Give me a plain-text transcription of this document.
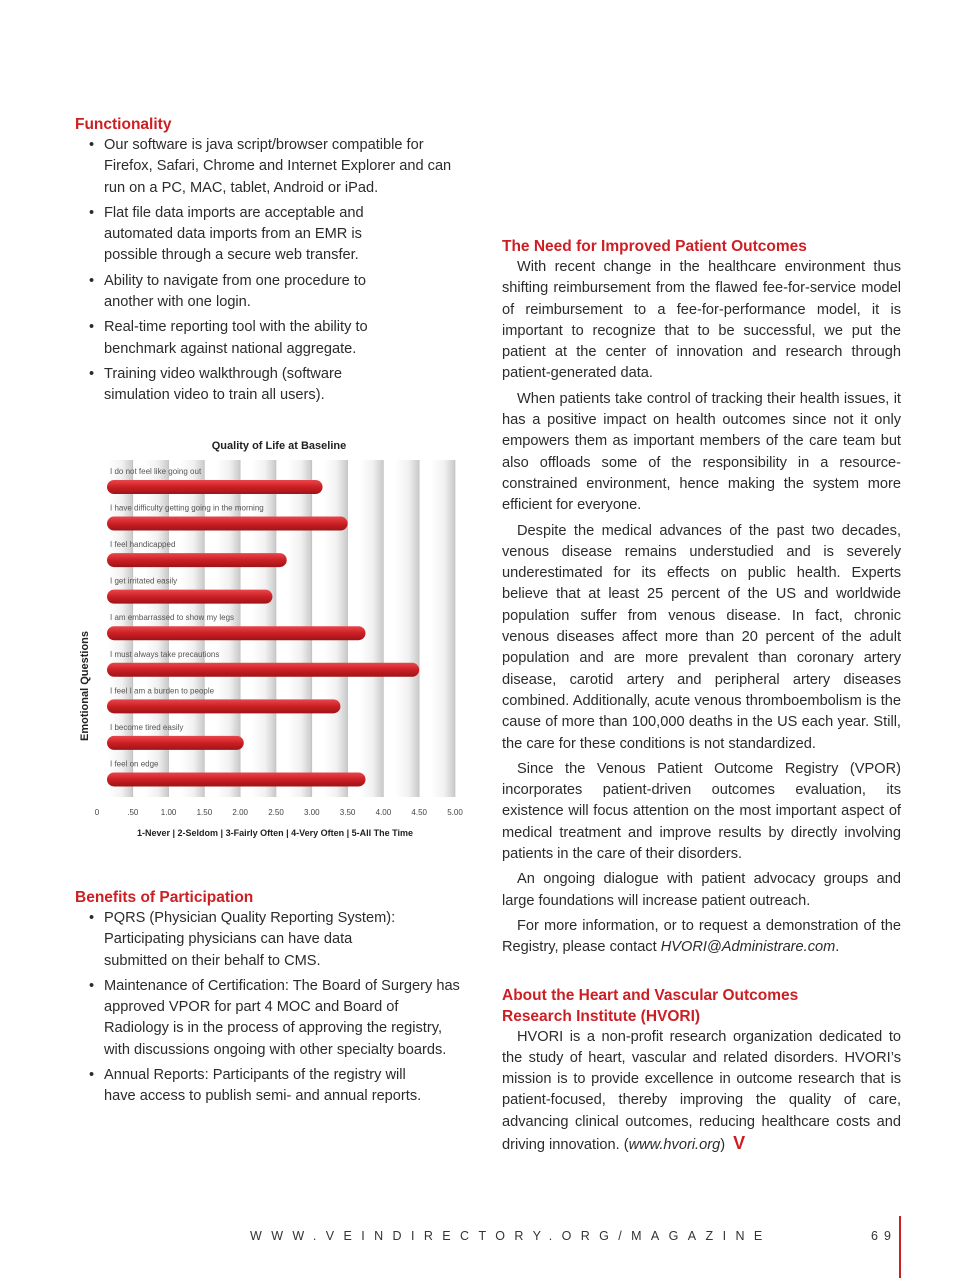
Functionality
• Our software is java script/browser compatible for Firefox, Safari, Chrome and Internet Explorer and can run on a PC, MAC, tablet, Android or iPad.
• Flat file data imports are acceptable and automated data imports from an EMR is possible through a secure web transfer.
• Ability to navigate from one procedure to another with one login.
• Real-time reporting tool with the ability to benchmark against national aggregate.
• Training video walkthrough (software simulation video to train all users).
Quality of Life at Baseline
Emotional Questions
0	.50	1.00	1.50	2.00	2.50	3.00	3.50	4.00	4.50	5.00
I do not feel like going out
I have difficulty getting going in the morning
I feel handicapped
I get irritated easily
I am embarrassed to show my legs
I must always take precautions
I feel I am a burden to people
I become tired easily
I feel on edge
1-Never | 2-Seldom | 3-Fairly Often | 4-Very Often | 5-All The Time
Benefits of Participation
• PQRS (Physician Quality Reporting System): Participating physicians can have data submitted on their behalf to CMS.
• Maintenance of Certification: The Board of Surgery has approved VPOR for part 4 MOC and Board of Radiology is in the process of approving the registry, with discussions ongoing with other specialty boards.
• Annual Reports: Participants of the registry will have access to publish semi- and annual reports.
The Need for Improved Patient Outcomes

With recent change in the healthcare environment thus shifting reimbursement from the flawed fee-for-service model of reimbursement to a fee-for-performance model, it is important to recognize that to be successful, we put the patient at the center of innovation and research through patient-generated data.

When patients take control of tracking their health issues, it has a positive impact on health outcomes since not it only empowers them as important members of the care team but also offloads some of the responsibility in a resource-constrained environment, hence making the system more efficient for everyone.

Despite the medical advances of the past two decades, venous disease remains understudied and is severely underestimated for its effects on public health. Experts believe that at least 25 percent of the US and worldwide population suffer from venous disease. In fact, chronic venous diseases affect more than 20 percent of the adult population and are more prevalent than coronary artery disease, carotid artery and peripheral artery diseases combined. Additionally, acute venous thromboembolism is the cause of more than 100,000 deaths in the US each year. Still, the care for these conditions is not standardized.

Since the Venous Patient Outcome Registry (VPOR) incorporates patient-driven outcomes evaluation, its existence will focus attention on the most important aspect of medical treatment and improve results by directly involving patients in the care of their disorders.

An ongoing dialogue with patient advocacy groups and large foundations will increase patient outreach.

For more information, or to request a demonstration of the Registry, please contact HVORI@Administrare.com.

About the Heart and Vascular Outcomes
Research Institute (HVORI)

HVORI is a non-profit research organization dedicated to the study of heart, vascular and related disorders. HVORI’s mission is to provide excellence in outcome research that is patient-focused, thereby improving the quality of care, advancing clinical outcomes, reducing healthcare costs and driving innovation. (www.hvori.org) V

WWW.VEINDIRECTORY.ORG/MAGAZINE	69
